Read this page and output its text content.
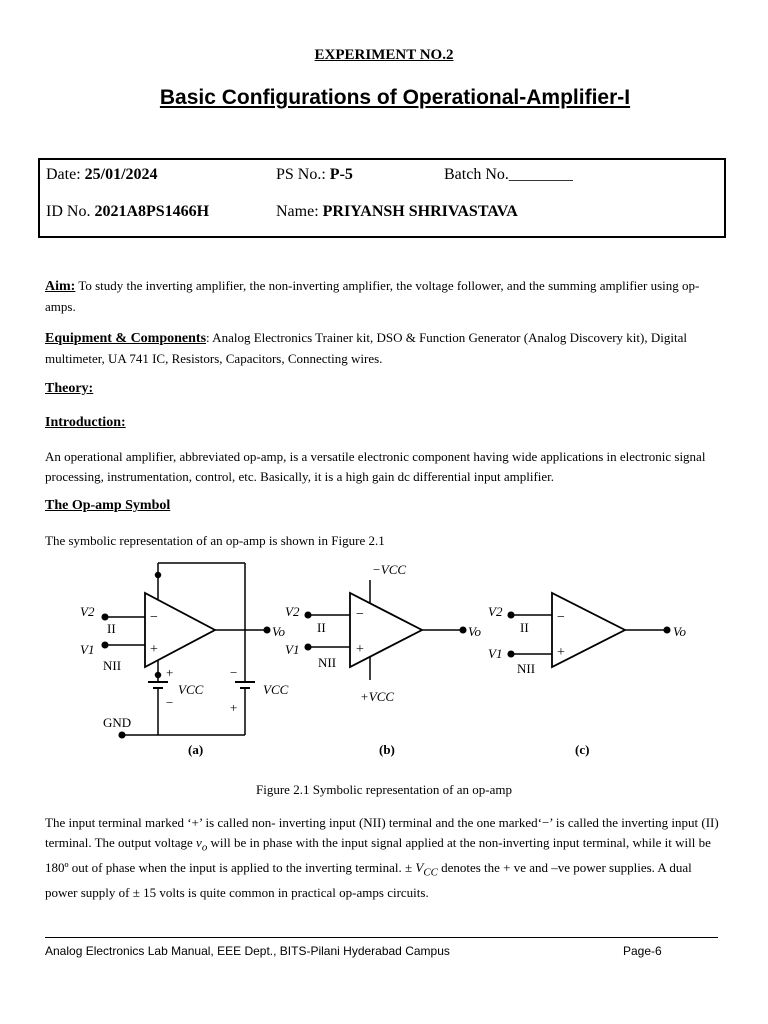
EXPERIMENT NO.2
Basic Configurations of Operational-Amplifier-I
Date: 25/01/2024	PS No.: P-5	Batch No.________
ID No. 2021A8PS1466H	Name: PRIYANSH SHRIVASTAVA
Aim: To study the inverting amplifier, the non-inverting amplifier, the voltage follower, and the summing amplifier using op-amps.
Equipment & Components: Analog Electronics Trainer kit, DSO & Function Generator (Analog Discovery kit), Digital multimeter, UA 741 IC, Resistors, Capacitors, Connecting wires.
Theory:
Introduction:
An operational amplifier, abbreviated op-amp, is a versatile electronic component having wide applications in electronic signal processing, instrumentation, control, etc. Basically, it is a high gain dc differential input amplifier.
The Op-amp Symbol
The symbolic representation of an op-amp is shown in Figure 2.1
V2
V1
II
NII
−
+
Vo
+
−
VCC
−
+
VCC
GND
(a)
V2
V1
II
NII
−
+
Vo
−VCC
+VCC
(b)
V2
V1
II
NII
−
+
Vo
(c)
Figure 2.1 Symbolic representation of an op-amp
The input terminal marked ‘+’ is called non- inverting input (NII) terminal and the one marked‘−’ is called the inverting input (II) terminal. The output voltage $v_o$ will be in phase with the input signal applied at the non-inverting input terminal, while it will be 180º out of phase when the input is applied to the inverting terminal. ± $V_{CC}$ denotes the + ve and –ve power supplies. A dual power supply of ± 15 volts is quite common in practical op-amps circuits.
Analog Electronics Lab Manual, EEE Dept., BITS-Pilani Hyderabad Campus	Page-6
